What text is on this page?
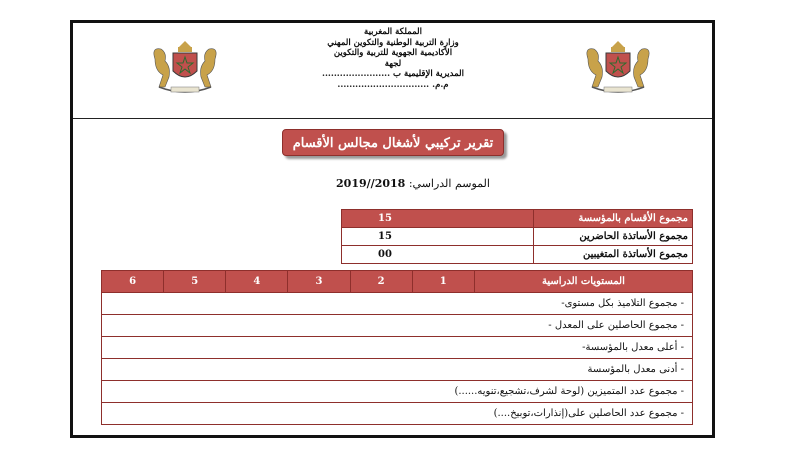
المملكة المغربية
وزارة التربية الوطنية والتكوين المهني
الأكاديمية الجهوية للتربية والتكوين
لجهة
المديرية الإقليمية ب .......................
م.م. ...............................
تقرير تركيبي لأشغال مجالس الأقسام
الموسم الدراسي: 2018//2019
15	مجموع الأقسام بالمؤسسة
15	مجموع الأساتذة الحاضرين
00	مجموع الأساتذة المتغيبين
6	5	4	3	2	1	المستويات الدراسية
- مجموع التلاميذ بكل مستوى-
- مجموع الحاصلين على المعدل -
- أعلى معدل بالمؤسسة-
- أدنى معدل بالمؤسسة
- مجموع عدد المتميزين (لوحة لشرف،تشجيع،تنويه......)
- مجموع عدد الحاصلين على(إنذارات،توبيخ....)
